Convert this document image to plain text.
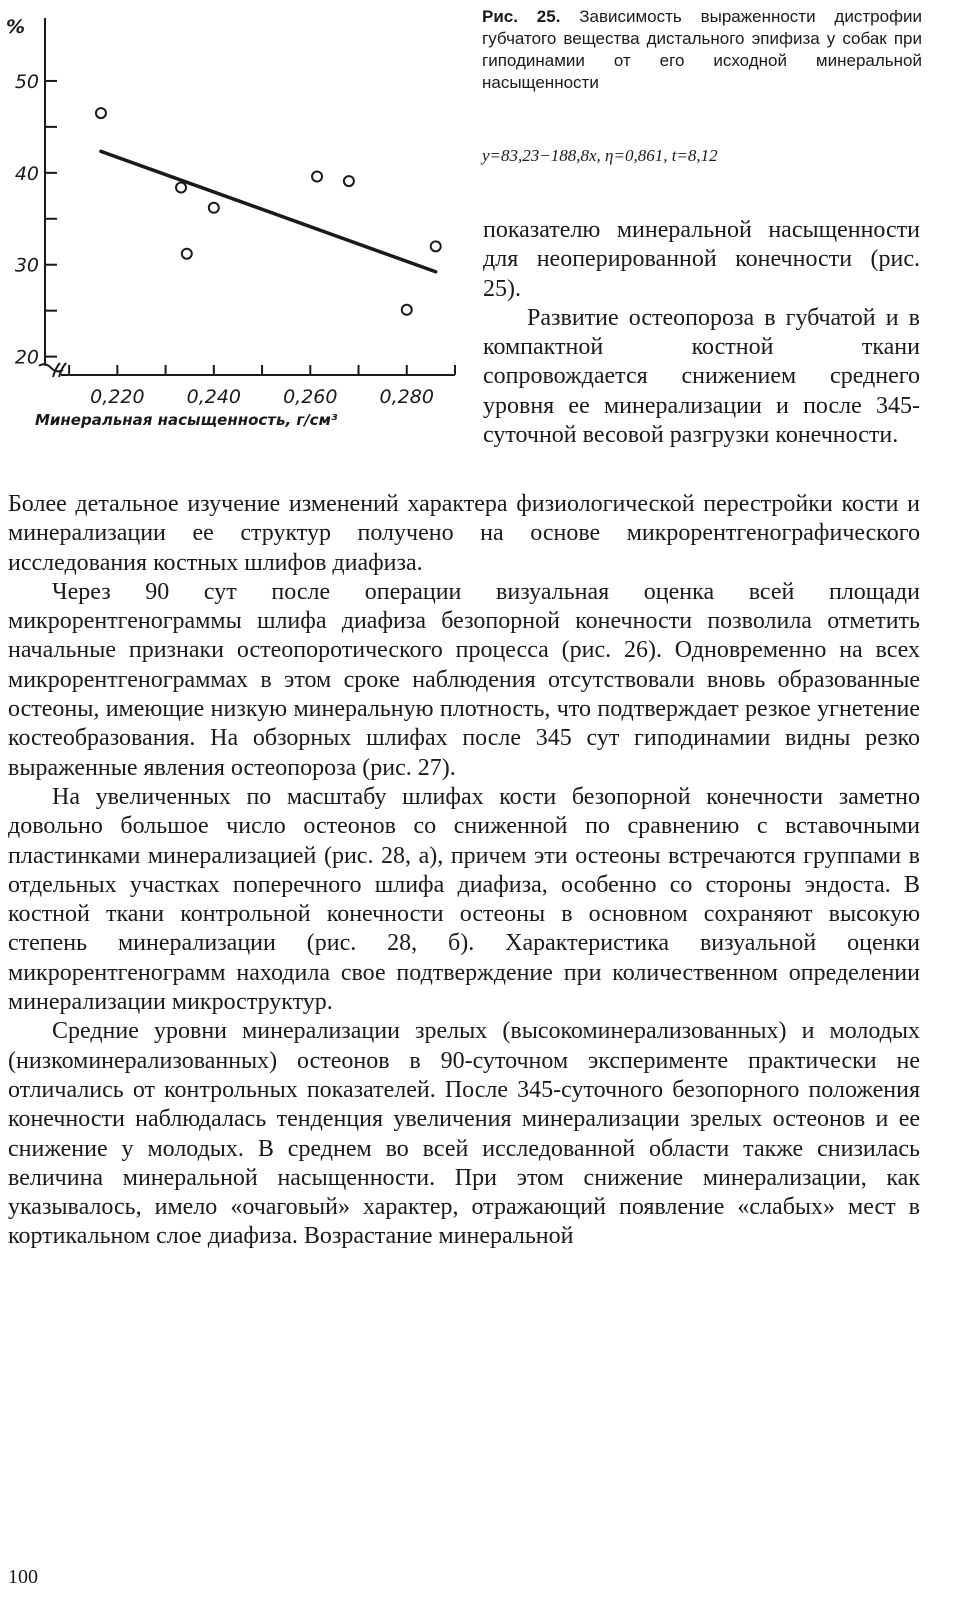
20
30
40
50
%
0,220 0,240 0,260 0,280
Минеральная насыщенность, г/см³
Рис. 25. Зависимость выраженности дистрофии губчатого вещества дистального эпифиза у собак при гиподинамии от его исходной минеральной насыщенности
y=83,23−188,8x, η=0,861, t=8,12

показателю минеральной насыщенности для неоперированной конечности (рис. 25).

Развитие остеопороза в губчатой и в компактной костной ткани сопровождается снижением среднего уровня ее минерализации и после 345-суточной весовой разгрузки конечности.

Более детальное изучение изменений характера физиологической перестройки кости и минерализации ее структур получено на основе микрорентгенографического исследования костных шлифов диафиза.

Через 90 сут после операции визуальная оценка всей площади микрорентгенограммы шлифа диафиза безопорной конечности позволила отметить начальные признаки остеопоротического процесса (рис. 26). Одновременно на всех микрорентгенограммах в этом сроке наблюдения отсутствовали вновь образованные остеоны, имеющие низкую минеральную плотность, что подтверждает резкое угнетение костеобразования. На обзорных шлифах после 345 сут гиподинамии видны резко выраженные явления остеопороза (рис. 27).

На увеличенных по масштабу шлифах кости безопорной конечности заметно довольно большое число остеонов со сниженной по сравнению с вставочными пластинками минерализацией (рис. 28, а), причем эти остеоны встречаются группами в отдельных участках поперечного шлифа диафиза, особенно со стороны эндоста. В костной ткани контрольной конечности остеоны в основном сохраняют высокую степень минерализации (рис. 28, б). Характеристика визуальной оценки микрорентгенограмм находила свое подтверждение при количественном определении минерализации микроструктур.

Средние уровни минерализации зрелых (высокоминерализованных) и молодых (низкоминерализованных) остеонов в 90-суточном эксперименте практически не отличались от контрольных показателей. После 345-суточного безопорного положения конечности наблюдалась тенденция увеличения минерализации зрелых остеонов и ее снижение у молодых. В среднем во всей исследованной области также снизилась величина минеральной насыщенности. При этом снижение минерализации, как указывалось, имело «очаговый» характер, отражающий появление «слабых» мест в кортикальном слое диафиза. Возрастание минеральной

100
